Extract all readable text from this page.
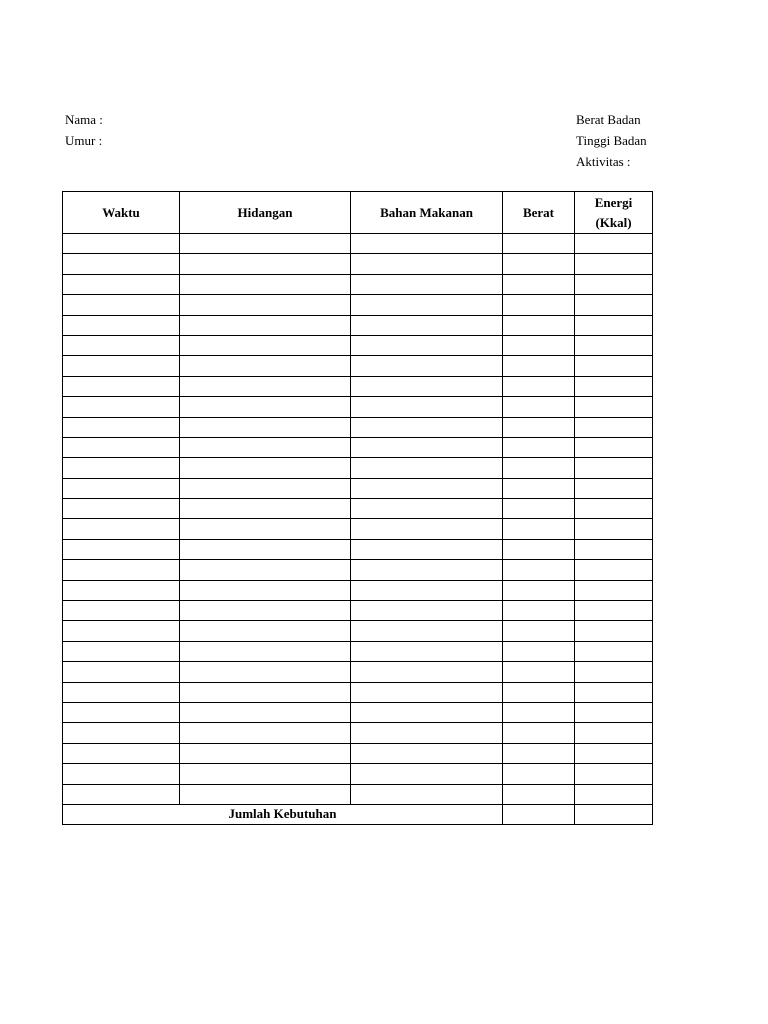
Nama :
Umur :
Berat Badan
Tinggi Badan
Aktivitas :
Waktu	Hidangan	Bahan Makanan	Berat	Energi
(Kkal)

Jumlah Kebutuhan				
